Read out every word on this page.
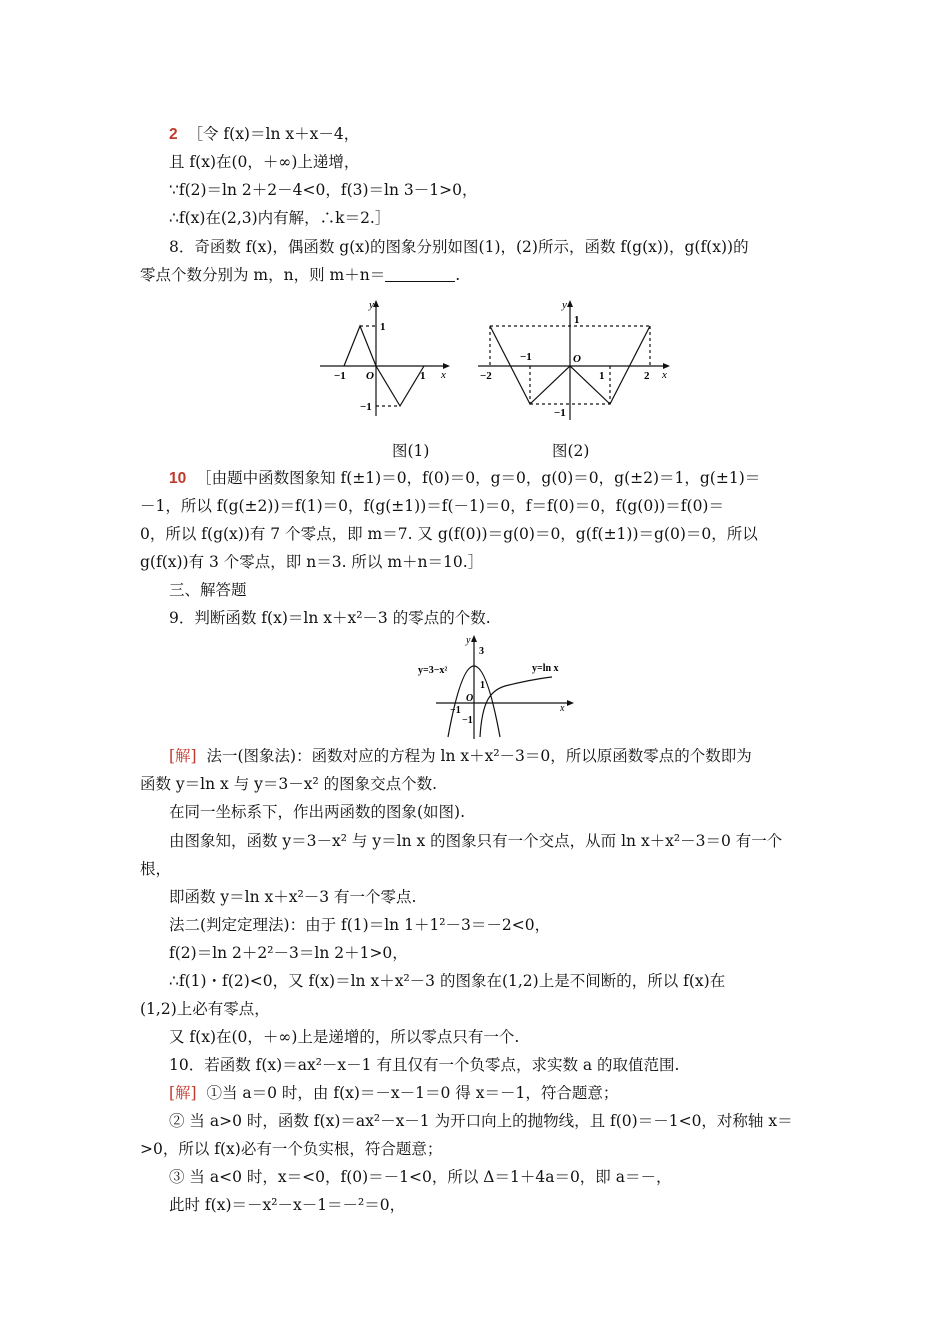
2 ［令 f(x)＝ln x＋x－4，
且 f(x)在(0，＋∞)上递增，
∵f(2)＝ln 2＋2－4<0，f(3)＝ln 3－1>0，
∴f(x)在(2,3)内有解，∴k＝2.］
8．奇函数 f(x)，偶函数 g(x)的图象分别如图(1)，(2)所示，函数 f(g(x))，g(f(x))的
零点个数分别为 m，n，则 m＋n＝	.
y
x
O
1
−1
−1	1
图(1)
y
x
O
1
−1
−1
−2	1	2
图(2)
10 ［由题中函数图象知 f(±1)＝0，f(0)＝0，g＝0，g(0)＝0，g(±2)＝1，g(±1)＝
－1，所以 f(g(±2))＝f(1)＝0，f(g(±1))＝f(－1)＝0，f＝f(0)＝0，f(g(0))＝f(0)＝
0，所以 f(g(x))有 7 个零点，即 m＝7. 又 g(f(0))＝g(0)＝0，g(f(±1))＝g(0)＝0，所以
g(f(x))有 3 个零点，即 n＝3. 所以 m＋n＝10.］
三、解答题
9．判断函数 f(x)＝ln x＋x²－3 的零点的个数.
y
x
O
3
1
−1
−1
y=3−x²	y=ln x
[解] 法一(图象法)：函数对应的方程为 ln x＋x²－3＝0，所以原函数零点的个数即为
函数 y＝ln x 与 y＝3－x² 的图象交点个数.
在同一坐标系下，作出两函数的图象(如图).
由图象知，函数 y＝3－x² 与 y＝ln x 的图象只有一个交点，从而 ln x＋x²－3＝0 有一个
根，
即函数 y＝ln x＋x²－3 有一个零点.
法二(判定定理法)：由于 f(1)＝ln 1＋1²－3＝－2<0，
f(2)＝ln 2＋2²－3＝ln 2＋1>0，
∴f(1)・f(2)<0，又 f(x)＝ln x＋x²－3 的图象在(1,2)上是不间断的，所以 f(x)在
(1,2)上必有零点，
又 f(x)在(0，＋∞)上是递增的，所以零点只有一个.
10．若函数 f(x)＝ax²－x－1 有且仅有一个负零点，求实数 a 的取值范围.
[解] ①当 a＝0 时，由 f(x)＝－x－1＝0 得 x＝－1，符合题意；
② 当 a>0 时，函数 f(x)＝ax²－x－1 为开口向上的抛物线，且 f(0)＝－1<0，对称轴 x＝
>0，所以 f(x)必有一个负实根，符合题意；
③ 当 a<0 时，x＝<0，f(0)＝－1<0，所以 Δ＝1＋4a＝0，即 a＝－，
此时 f(x)＝－x²－x－1＝－²＝0，
